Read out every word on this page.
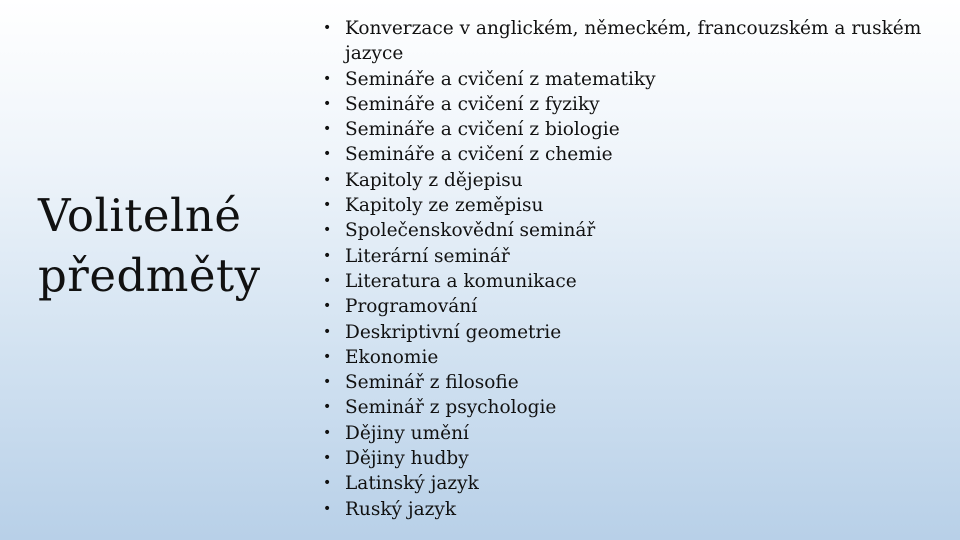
Volitelné
předměty
• Konverzace v anglickém, německém, francouzském a ruském jazyce
• Semináře a cvičení z matematiky
• Semináře a cvičení z fyziky
• Semináře a cvičení z biologie
• Semináře a cvičení z chemie
• Kapitoly z dějepisu
• Kapitoly ze zeměpisu
• Společenskovědní seminář
• Literární seminář
• Literatura a komunikace
• Programování
• Deskriptivní geometrie
• Ekonomie
• Seminář z filosofie
• Seminář z psychologie
• Dějiny umění
• Dějiny hudby
• Latinský jazyk
• Ruský jazyk
